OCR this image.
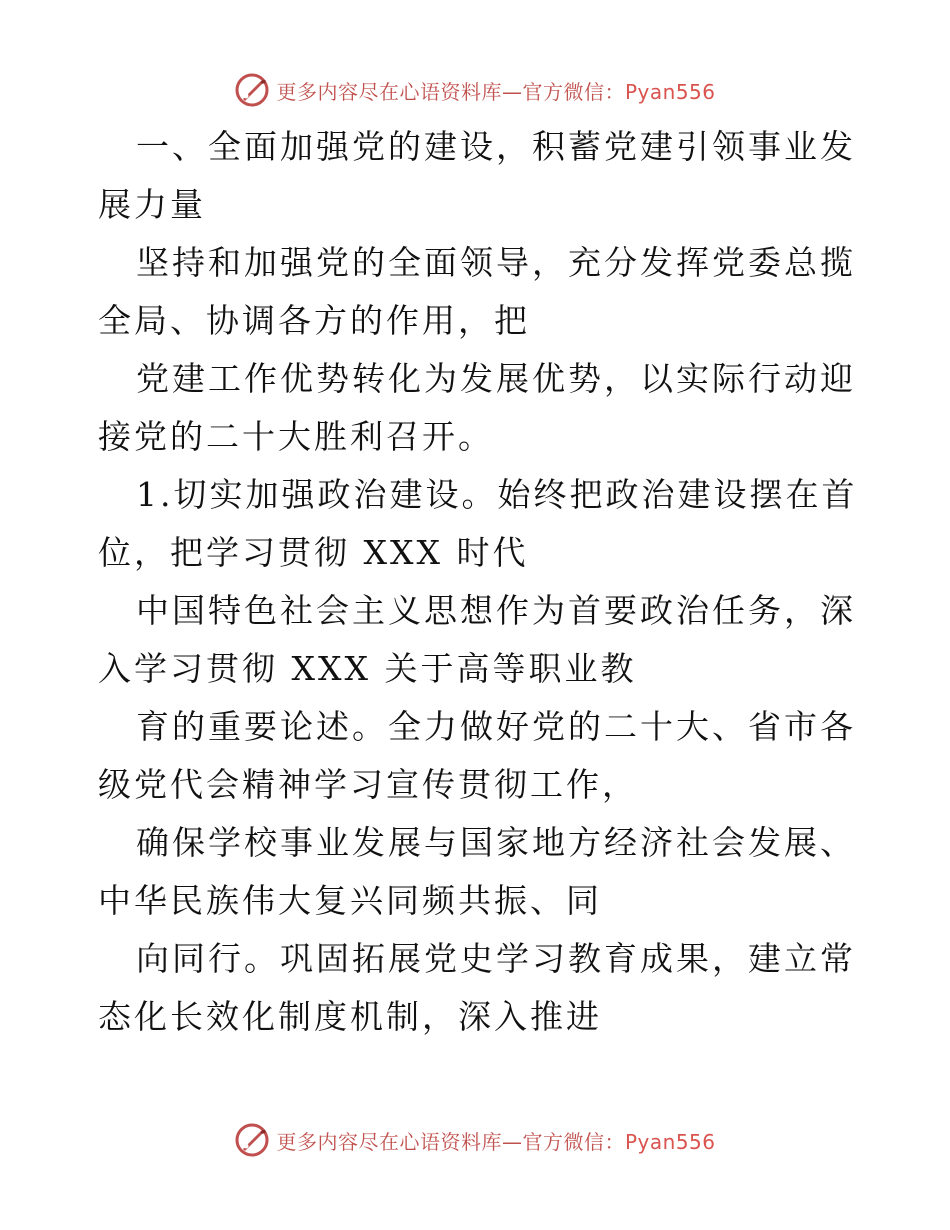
更多内容尽在心语资料库—官方微信：Pyan556

一、全面加强党的建设，积蓄党建引领事业发展力量

坚持和加强党的全面领导，充分发挥党委总揽全局、协调各方的作用，把

党建工作优势转化为发展优势，以实际行动迎接党的二十大胜利召开。

1.切实加强政治建设。始终把政治建设摆在首位，把学习贯彻 XXX 时代

中国特色社会主义思想作为首要政治任务，深入学习贯彻 XXX 关于高等职业教

育的重要论述。全力做好党的二十大、省市各级党代会精神学习宣传贯彻工作，

确保学校事业发展与国家地方经济社会发展、中华民族伟大复兴同频共振、同

向同行。巩固拓展党史学习教育成果，建立常态化长效化制度机制，深入推进

更多内容尽在心语资料库—官方微信：Pyan556
